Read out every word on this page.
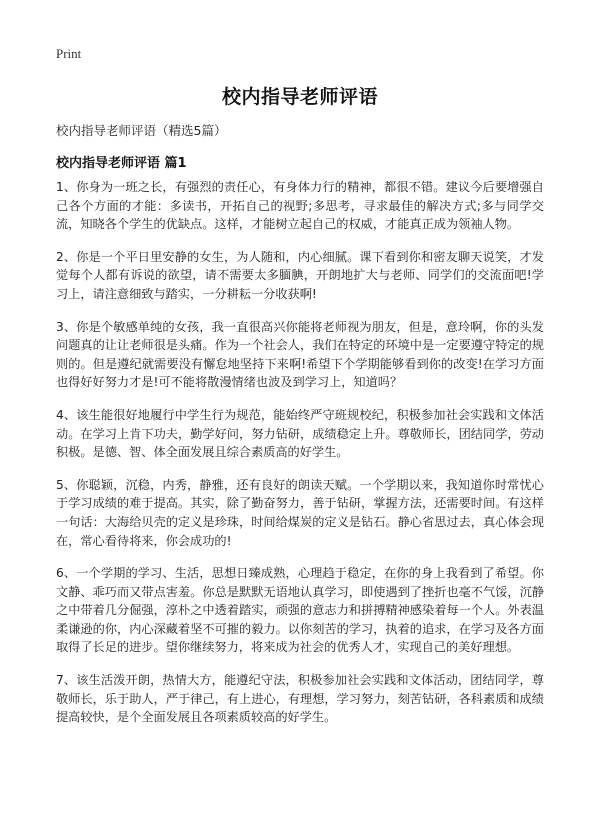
Print
校内指导老师评语
校内指导老师评语（精选5篇）
校内指导老师评语 篇1

1、你身为一班之长，有强烈的责任心，有身体力行的精神，都很不错。建议今后要增强自己各个方面的才能：多读书，开拓自己的视野;多思考，寻求最佳的解决方式;多与同学交流，知晓各个学生的优缺点。这样，才能树立起自己的权威，才能真正成为领袖人物。

2、你是一个平日里安静的女生，为人随和，内心细腻。课下看到你和密友聊天说笑，才发觉每个人都有诉说的欲望，请不需要太多腼腆，开朗地扩大与老师、同学们的交流面吧!学习上，请注意细致与踏实，一分耕耘一分收获啊!

3、你是个敏感单纯的女孩，我一直很高兴你能将老师视为朋友，但是，意玲啊，你的头发问题真的让让老师很是头痛。作为一个社会人，我们在特定的环境中是一定要遵守特定的规则的。但是遵纪就需要没有懈怠地坚持下来啊!希望下个学期能够看到你的改变!在学习方面也得好好努力才是!可不能将散漫情绪也波及到学习上，知道吗？

4、该生能很好地履行中学生行为规范，能始终严守班规校纪，积极参加社会实践和文体活动。在学习上肯下功夫，勤学好问，努力钻研，成绩稳定上升。尊敬师长，团结同学，劳动积极。是德、智、体全面发展且综合素质高的好学生。

5、你聪颖，沉稳，内秀，静雅，还有良好的朗读天赋。一个学期以来，我知道你时常忧心于学习成绩的难于提高。其实，除了勤奋努力，善于钻研，掌握方法，还需要时间。有这样一句话：大海给贝壳的定义是珍珠，时间给煤炭的定义是钻石。静心省思过去，真心体会现在，常心看待将来，你会成功的!

6、一个学期的学习、生活，思想日臻成熟，心理趋于稳定，在你的身上我看到了希望。你文静、乖巧而又带点害羞。你总是默默无语地认真学习，即使遇到了挫折也毫不气馁，沉静之中带着几分倔强，淳朴之中透着踏实，顽强的意志力和拼搏精神感染着每一个人。外表温柔谦逊的你，内心深藏着坚不可摧的毅力。以你刻苦的学习，执着的追求，在学习及各方面取得了长足的进步。望你继续努力，将来成为社会的优秀人才，实现自己的美好理想。

7、该生活泼开朗，热情大方，能遵纪守法，积极参加社会实践和文体活动，团结同学，尊敬师长，乐于助人，严于律己，有上进心，有理想，学习努力，刻苦钻研，各科素质和成绩提高较快，是个全面发展且各项素质较高的好学生。
